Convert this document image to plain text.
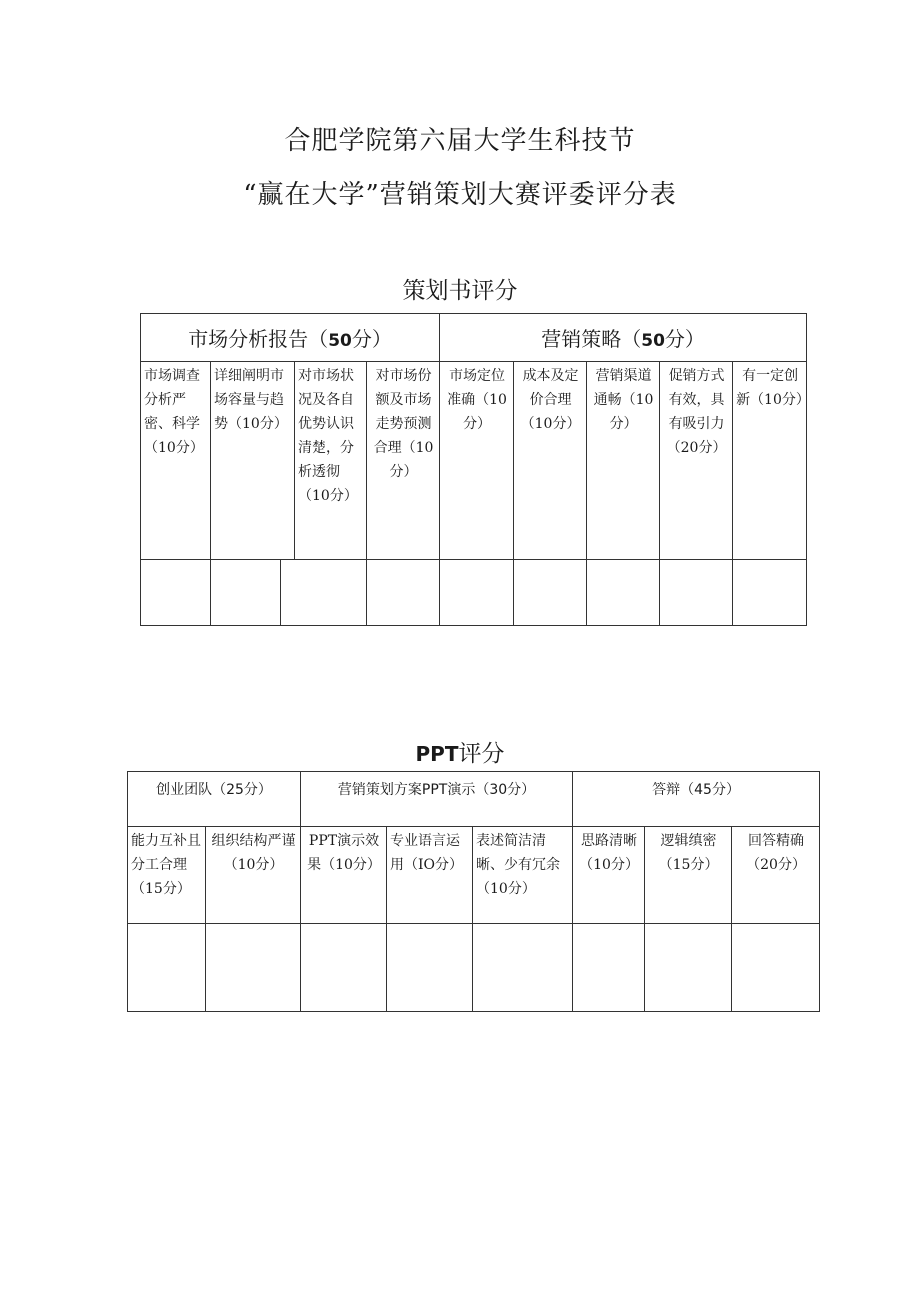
合肥学院第六届大学生科技节
“赢在大学”营销策划大赛评委评分表
策划书评分
市场分析报告（50分）					营销策略（50分）				
市场调查分析严密、科学（10分）	详细阐明市场容量与趋势（10分）		对市场状况及各自优势认识清楚，分析透彻（10分）	对市场份额及市场走势预测合理（10分）	市场定位准确（10分）	成本及定价合理（10分）	营销渠道通畅（10分）	促销方式有效，具有吸引力（20分）	有一定创新（10分）

PPT评分
创业团队（25分）		营销策划方案PPT演示（30分）			答辩（45分）		
能力互补且分工合理（15分）	组织结构严谨（10分）	PPT演示效果（10分）	专业语言运用（IO分）	表述简洁清晰、少有冗余（10分）	思路清晰（10分）	逻辑缜密（15分）	回答精确（20分）
